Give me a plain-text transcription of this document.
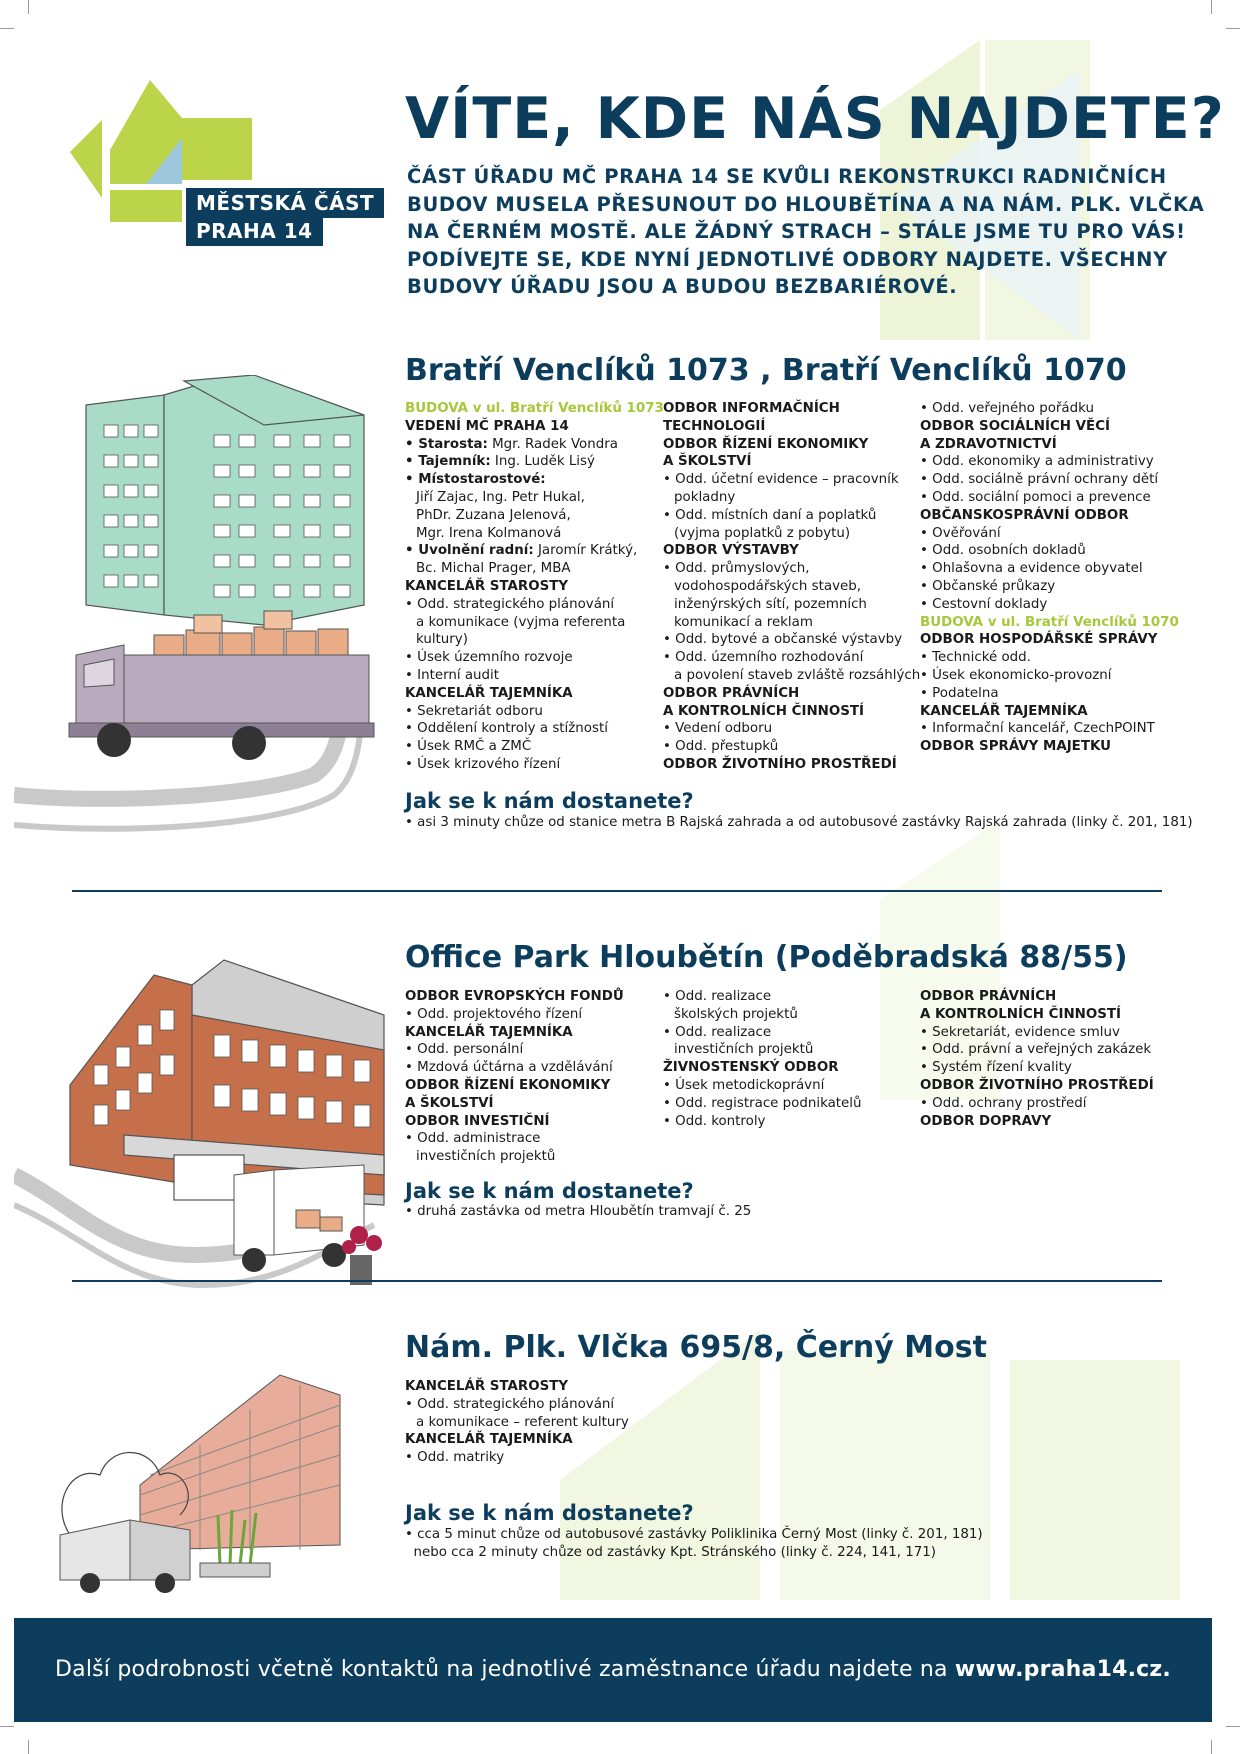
MĚSTSKÁ ČÁST
PRAHA 14
VÍTE, KDE NÁS NAJDETE?
ČÁST ÚŘADU MČ PRAHA 14 SE KVŮLI REKONSTRUKCI RADNIČNÍCH
BUDOV MUSELA PŘESUNOUT DO HLOUBĚTÍNA A NA NÁM. PLK. VLČKA
NA ČERNÉM MOSTĚ. ALE ŽÁDNÝ STRACH – STÁLE JSME TU PRO VÁS!
PODÍVEJTE SE, KDE NYNÍ JEDNOTLIVÉ ODBORY NAJDETE. VŠECHNY
BUDOVY ÚŘADU JSOU A BUDOU BEZBARIÉROVÉ.
Bratří Venclíků 1073 , Bratří Venclíků 1070
BUDOVA v ul. Bratří Venclíků 1073
VEDENÍ MČ PRAHA 14
• Starosta: Mgr. Radek Vondra
• Tajemník: Ing. Luděk Lisý
• Místostarostové:
Jiří Zajac, Ing. Petr Hukal,
PhDr. Zuzana Jelenová,
Mgr. Irena Kolmanová
• Uvolnění radní: Jaromír Krátký,
Bc. Michal Prager, MBA
KANCELÁŘ STAROSTY
• Odd. strategického plánování
a komunikace (vyjma referenta
kultury)
• Úsek územního rozvoje
• Interní audit
KANCELÁŘ TAJEMNÍKA
• Sekretariát odboru
• Oddělení kontroly a stížností
• Úsek RMČ a ZMČ
• Úsek krizového řízení
ODBOR INFORMAČNÍCH
TECHNOLOGIÍ
ODBOR ŘÍZENÍ EKONOMIKY
A ŠKOLSTVÍ
• Odd. účetní evidence – pracovník
pokladny
• Odd. místních daní a poplatků
(vyjma poplatků z pobytu)
ODBOR VÝSTAVBY
• Odd. průmyslových,
vodohospodářských staveb,
inženýrských sítí, pozemních
komunikací a reklam
• Odd. bytové a občanské výstavby
• Odd. územního rozhodování
a povolení staveb zvláště rozsáhlých
ODBOR PRÁVNÍCH
A KONTROLNÍCH ČINNOSTÍ
• Vedení odboru
• Odd. přestupků
ODBOR ŽIVOTNÍHO PROSTŘEDÍ
• Odd. veřejného pořádku
ODBOR SOCIÁLNÍCH VĚCÍ
A ZDRAVOTNICTVÍ
• Odd. ekonomiky a administrativy
• Odd. sociálně právní ochrany dětí
• Odd. sociální pomoci a prevence
OBČANSKOSPRÁVNÍ ODBOR
• Ověřování
• Odd. osobních dokladů
• Ohlašovna a evidence obyvatel
• Občanské průkazy
• Cestovní doklady
BUDOVA v ul. Bratří Venclíků 1070
ODBOR HOSPODÁŘSKÉ SPRÁVY
• Technické odd.
• Úsek ekonomicko-provozní
• Podatelna
KANCELÁŘ TAJEMNÍKA
• Informační kancelář, CzechPOINT
ODBOR SPRÁVY MAJETKU
Jak se k nám dostanete?
• asi 3 minuty chůze od stanice metra B Rajská zahrada a od autobusové zastávky Rajská zahrada (linky č. 201, 181)
Office Park Hloubětín (Poděbradská 88/55)
ODBOR EVROPSKÝCH FONDŮ
• Odd. projektového řízení
KANCELÁŘ TAJEMNÍKA
• Odd. personální
• Mzdová účtárna a vzdělávání
ODBOR ŘÍZENÍ EKONOMIKY
A ŠKOLSTVÍ
ODBOR INVESTIČNÍ
• Odd. administrace
investičních projektů
• Odd. realizace
školských projektů
• Odd. realizace
investičních projektů
ŽIVNOSTENSKÝ ODBOR
• Úsek metodickoprávní
• Odd. registrace podnikatelů
• Odd. kontroly
ODBOR PRÁVNÍCH
A KONTROLNÍCH ČINNOSTÍ
• Sekretariát, evidence smluv
• Odd. právní a veřejných zakázek
• Systém řízení kvality
ODBOR ŽIVOTNÍHO PROSTŘEDÍ
• Odd. ochrany prostředí
ODBOR DOPRAVY
Jak se k nám dostanete?
• druhá zastávka od metra Hloubětín tramvají č. 25
Nám. Plk. Vlčka 695/8, Černý Most
KANCELÁŘ STAROSTY
• Odd. strategického plánování
a komunikace – referent kultury
KANCELÁŘ TAJEMNÍKA
• Odd. matriky
Jak se k nám dostanete?
• cca 5 minut chůze od autobusové zastávky Poliklinika Černý Most (linky č. 201, 181)
nebo cca 2 minuty chůze od zastávky Kpt. Stránského (linky č. 224, 141, 171)

Další podrobnosti včetně kontaktů na jednotlivé zaměstnance úřadu najdete na www.praha14.cz.
